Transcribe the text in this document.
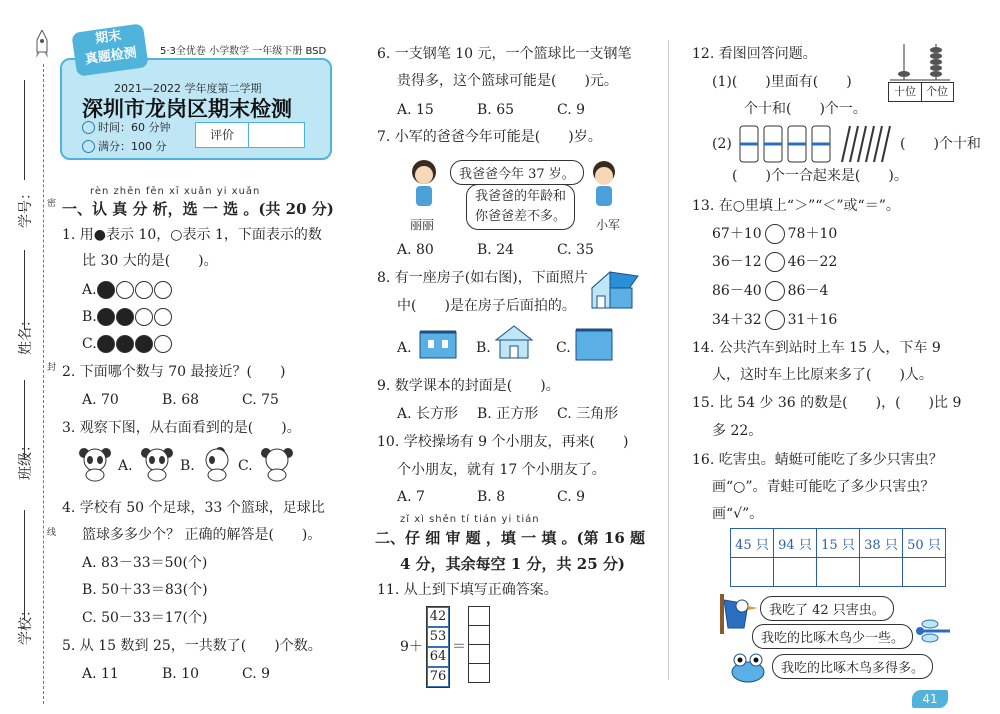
学号：
姓名：
班级：
学校：
密
封
线
期末
真题检测	5·3全优卷 小学数学 一年级下册 BSD
2021—2022 学年度第二学期
深圳市龙岗区期末检测
时间：60 分钟
满分：100 分
评价
rèn zhēn fēn xī xuǎn yi xuǎn
一、认 真 分 析，选 一 选 。(共 20 分)
1. 用●表示 10，○表示 1，下面表示的数
比 30 大的是(　　)。
A.
B.
C.
2. 下面哪个数与 70 最接近？(　　)
A. 70	B. 68	C. 75
3. 观察下图，从右面看到的是(　　)。
A.	B.	C.
4. 学校有 50 个足球，33 个篮球，足球比
篮球多多少个？ 正确的解答是(　　)。
A. 83－33＝50(个)
B. 50＋33＝83(个)
C. 50－33＝17(个)
5. 从 15 数到 25，一共数了(　　)个数。
A. 11	B. 10	C. 9
6. 一支钢笔 10 元，一个篮球比一支钢笔
贵得多，这个篮球可能是(　　)元。
A. 15	B. 65	C. 9
7. 小军的爸爸今年可能是(　　)岁。
我爸爸今年 37 岁。
我爸爸的年龄和
你爸爸差不多。
丽丽	小军
A. 80	B. 24	C. 35
8. 有一座房子(如右图)，下面照片
中(　　)是在房子后面拍的。
A.	B.	C.
9. 数学课本的封面是(　　)。
A. 长方形 B. 正方形 C. 三角形
10. 学校操场有 9 个小朋友，再来(　　)
个小朋友，就有 17 个小朋友了。
A. 7	B. 8	C. 9
zǐ xì shěn tí tián yi tián
二、仔 细 审 题 ，填 一 填 。(第 16 题
4 分，其余每空 1 分，共 25 分)
11. 从上到下填写正确答案。
9＋
42
53
64
76
＝
12. 看图回答问题。
十位 个位
(1)(　　)里面有(　　)
个十和(　　)个一。
(2)	(　　)个十和
(　　)个一合起来是(　　)。
13. 在○里填上“＞”“＜”或“＝”。
67＋10 78＋10
36－12 46－22
86－40 86－4
34＋32 31＋16
14. 公共汽车到站时上车 15 人，下车 9
人，这时车上比原来多了(　　)人。
15. 比 54 少 36 的数是(　　)，(　　)比 9
多 22。
16. 吃害虫。蜻蜓可能吃了多少只害虫？
画“○”。青蛙可能吃了多少只害虫？
画“√”。
45 只	94 只	15 只	38 只	50 只

我吃了 42 只害虫。
我吃的比啄木鸟少一些。
我吃的比啄木鸟多得多。
41
